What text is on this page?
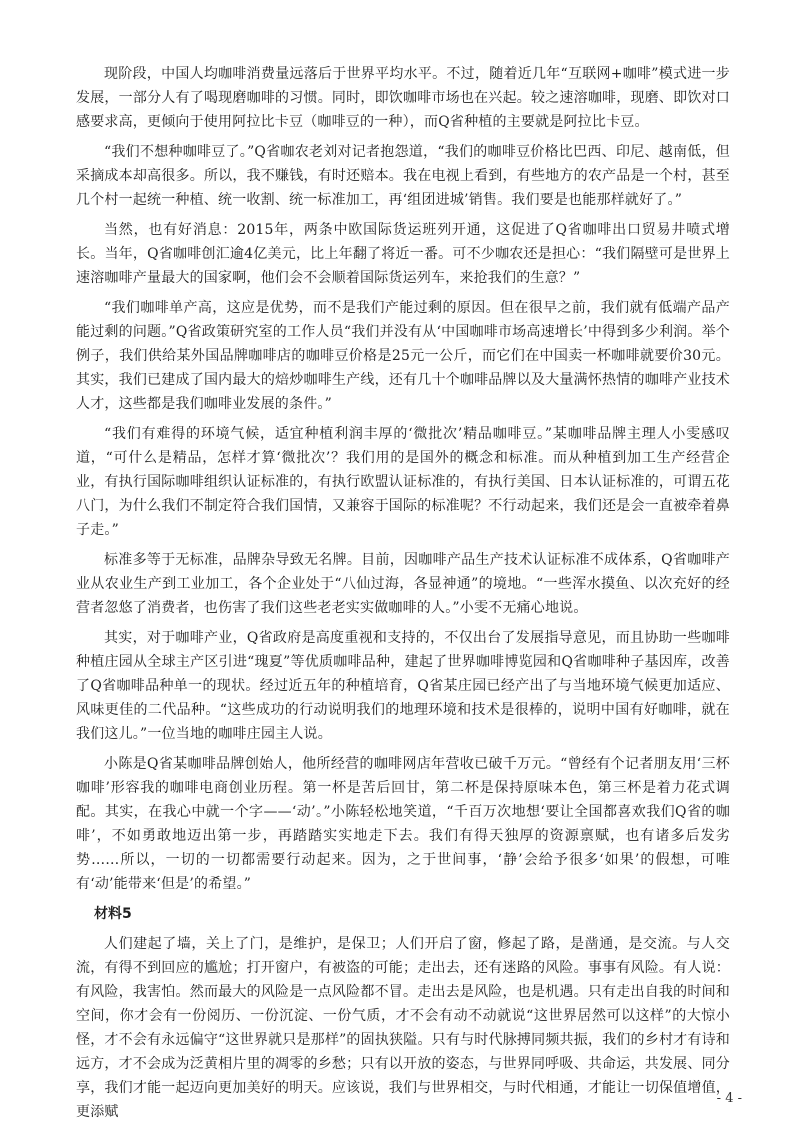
现阶段，中国人均咖啡消费量远落后于世界平均水平。不过，随着近几年“互联网+咖啡”模式进一步发展，一部分人有了喝现磨咖啡的习惯。同时，即饮咖啡市场也在兴起。较之速溶咖啡，现磨、即饮对口感要求高，更倾向于使用阿拉比卡豆（咖啡豆的一种），而Q省种植的主要就是阿拉比卡豆。

“我们不想种咖啡豆了。”Q省咖农老刘对记者抱怨道，“我们的咖啡豆价格比巴西、印尼、越南低，但采摘成本却高很多。所以，我不赚钱，有时还赔本。我在电视上看到，有些地方的农产品是一个村，甚至几个村一起统一种植、统一收割、统一标准加工，再‘组团进城’销售。我们要是也能那样就好了。”

当然，也有好消息：2015年，两条中欧国际货运班列开通，这促进了Q省咖啡出口贸易井喷式增长。当年，Q省咖啡创汇逾4亿美元，比上年翻了将近一番。可不少咖农还是担心：“我们隔壁可是世界上速溶咖啡产量最大的国家啊，他们会不会顺着国际货运列车，来抢我们的生意？”

“我们咖啡单产高，这应是优势，而不是我们产能过剩的原因。但在很早之前，我们就有低端产品产能过剩的问题。”Q省政策研究室的工作人员“我们并没有从‘中国咖啡市场高速增长’中得到多少利润。举个例子，我们供给某外国品牌咖啡店的咖啡豆价格是25元一公斤，而它们在中国卖一杯咖啡就要价30元。其实，我们已建成了国内最大的焙炒咖啡生产线，还有几十个咖啡品牌以及大量满怀热情的咖啡产业技术人才，这些都是我们咖啡业发展的条件。”

“我们有难得的环境气候，适宜种植利润丰厚的‘微批次’精品咖啡豆。”某咖啡品牌主理人小雯感叹道，“可什么是精品，怎样才算‘微批次’？我们用的是国外的概念和标准。而从种植到加工生产经营企业，有执行国际咖啡组织认证标准的，有执行欧盟认证标准的，有执行美国、日本认证标准的，可谓五花八门，为什么我们不制定符合我们国情，又兼容于国际的标准呢？不行动起来，我们还是会一直被牵着鼻子走。”

标准多等于无标准，品牌杂导致无名牌。目前，因咖啡产品生产技术认证标准不成体系，Q省咖啡产业从农业生产到工业加工，各个企业处于“八仙过海，各显神通”的境地。“一些浑水摸鱼、以次充好的经营者忽悠了消费者，也伤害了我们这些老老实实做咖啡的人。”小雯不无痛心地说。

其实，对于咖啡产业，Q省政府是高度重视和支持的，不仅出台了发展指导意见，而且协助一些咖啡种植庄园从全球主产区引进“瑰夏”等优质咖啡品种，建起了世界咖啡博览园和Q省咖啡种子基因库，改善了Q省咖啡品种单一的现状。经过近五年的种植培育，Q省某庄园已经产出了与当地环境气候更加适应、风味更佳的二代品种。“这些成功的行动说明我们的地理环境和技术是很棒的，说明中国有好咖啡，就在我们这儿。”一位当地的咖啡庄园主人说。

小陈是Q省某咖啡品牌创始人，他所经营的咖啡网店年营收已破千万元。“曾经有个记者朋友用‘三杯咖啡’形容我的咖啡电商创业历程。第一杯是苦后回甘，第二杯是保持原味本色，第三杯是着力花式调配。其实，在我心中就一个字——‘动’。”小陈轻松地笑道，“千百万次地想‘要让全国都喜欢我们Q省的咖啡’，不如勇敢地迈出第一步，再踏踏实实地走下去。我们有得天独厚的资源禀赋，也有诸多后发劣势……所以，一切的一切都需要行动起来。因为，之于世间事，‘静’会给予很多‘如果’的假想，可唯有‘动’能带来‘但是’的希望。”

材料5

人们建起了墙，关上了门，是维护，是保卫；人们开启了窗，修起了路，是凿通，是交流。与人交流，有得不到回应的尴尬；打开窗户，有被盗的可能；走出去，还有迷路的风险。事事有风险。有人说：有风险，我害怕。然而最大的风险是一点风险都不冒。走出去是风险，也是机遇。只有走出自我的时间和空间，你才会有一份阅历、一份沉淀、一份气质，才不会有动不动就说“这世界居然可以这样”的大惊小怪，才不会有永远偏守“这世界就只是那样”的固执狭隘。只有与时代脉搏同频共振，我们的乡村才有诗和远方，才不会成为泛黄相片里的凋零的乡愁；只有以开放的姿态，与世界同呼吸、共命运，共发展、同分享，我们才能一起迈向更加美好的明天。应该说，我们与世界相交，与时代相通，才能让一切保值增值，更添赋

- 4 -
